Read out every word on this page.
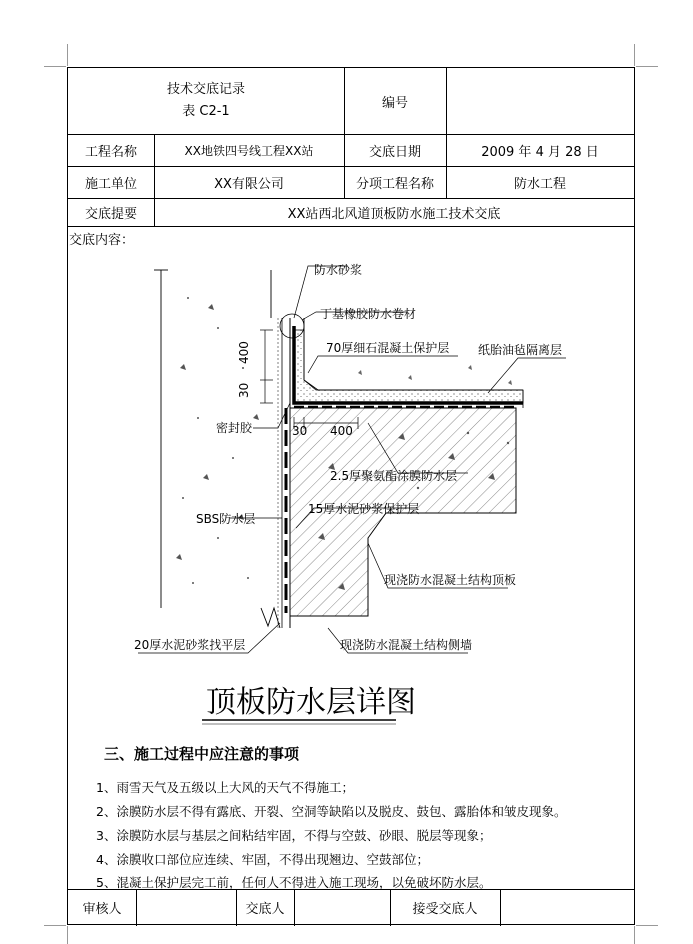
技术交底记录
表 C2-1
编号
工程名称	XX地铁四号线工程XX站	交底日期	2009 年 4 月 28 日
施工单位	XX有限公司	分项工程名称	防水工程
交底提要	XX站西北风道顶板防水施工技术交底
交底内容：
400
30
30 400
防水砂浆
丁基橡胶防水卷材
70厚细石混凝土保护层 纸胎油毡隔离层
密封胶
2.5厚聚氨酯涂膜防水层
SBS防水层
15厚水泥砂浆保护层
现浇防水混凝土结构顶板
20厚水泥砂浆找平层	现浇防水混凝土结构侧墙
顶板防水层详图
三、施工过程中应注意的事项
1、雨雪天气及五级以上大风的天气不得施工；
2、涂膜防水层不得有露底、开裂、空洞等缺陷以及脱皮、鼓包、露胎体和皱皮现象。
3、涂膜防水层与基层之间粘结牢固，不得与空鼓、砂眼、脱层等现象；
4、涂膜收口部位应连续、牢固，不得出现翘边、空鼓部位；
5、混凝土保护层完工前，任何人不得进入施工现场，以免破坏防水层。
审核人	交底人	接受交底人
